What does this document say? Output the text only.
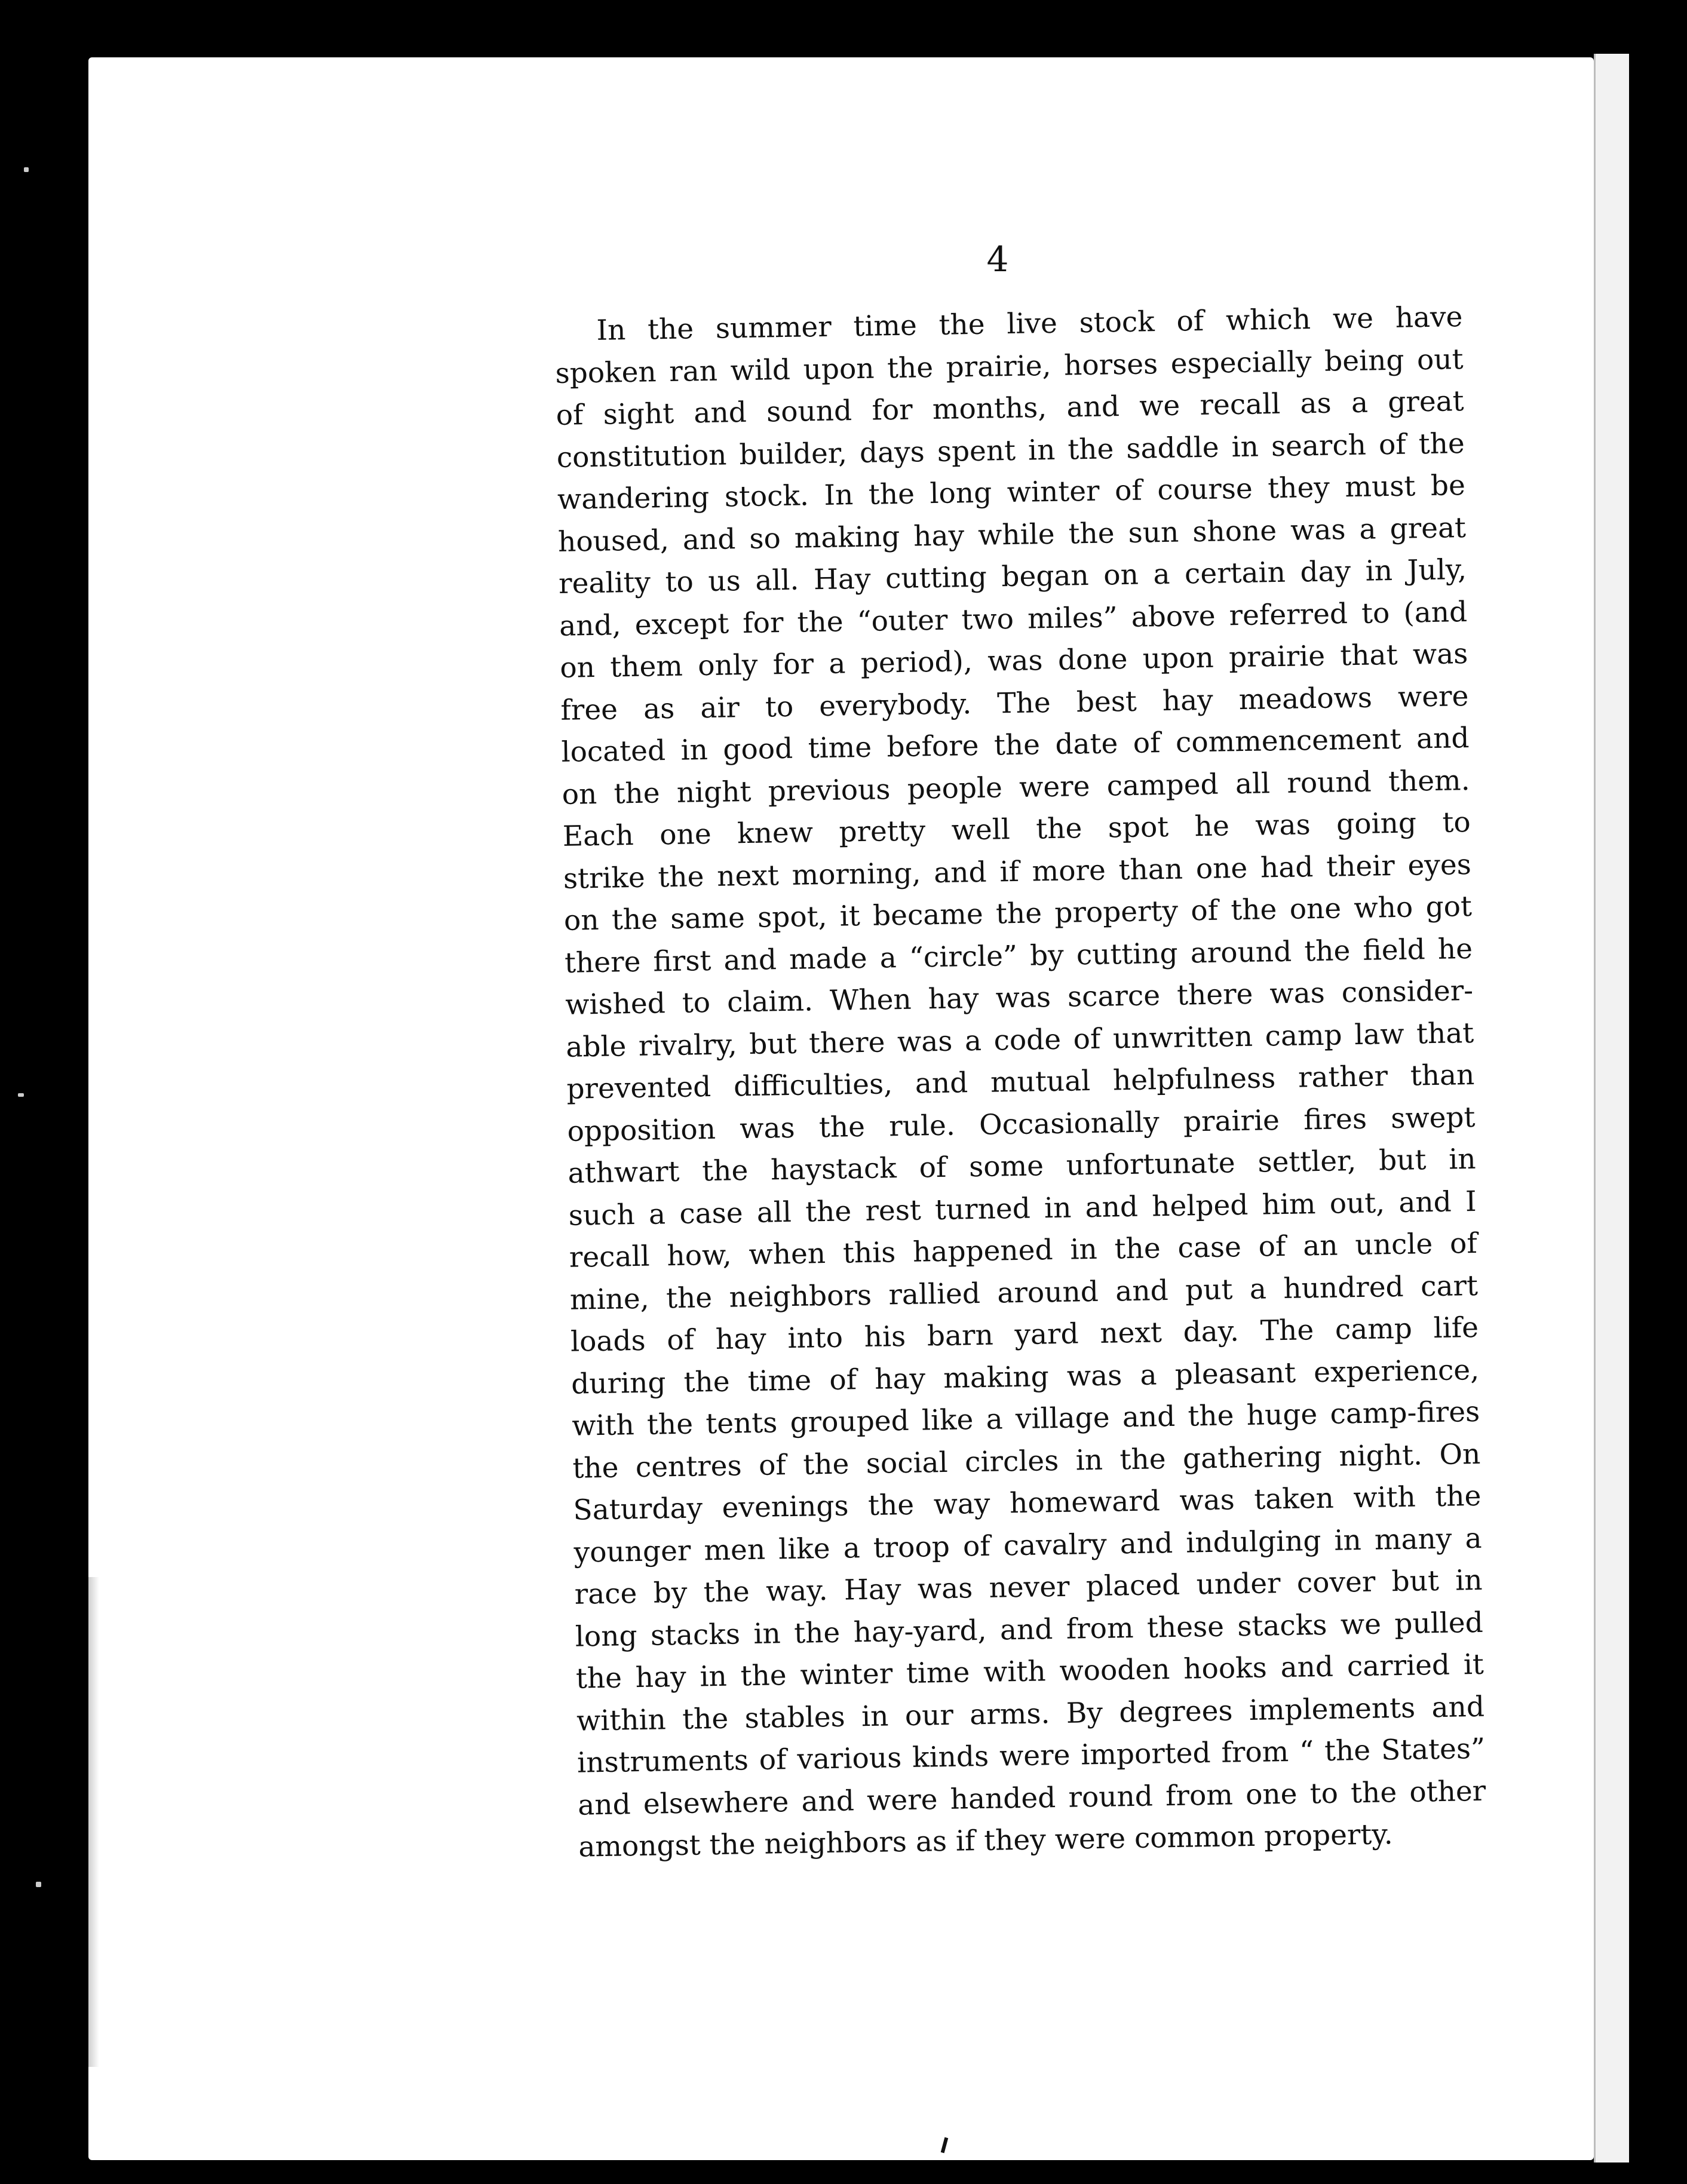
4
In the summer time the live stock of which we have
spoken ran wild upon the prairie, horses especially being out
of sight and sound for months, and we recall as a great
constitution builder, days spent in the saddle in search of the
wandering stock. In the long winter of course they must be
housed, and so making hay while the sun shone was a great
reality to us all. Hay cutting began on a certain day in July,
and, except for the “outer two miles” above referred to (and
on them only for a period), was done upon prairie that was
free as air to everybody. The best hay meadows were
located in good time before the date of commencement and
on the night previous people were camped all round them.
Each one knew pretty well the spot he was going to
strike the next morning, and if more than one had their eyes
on the same spot, it became the property of the one who got
there first and made a “circle” by cutting around the field he
wished to claim. When hay was scarce there was consider-
able rivalry, but there was a code of unwritten camp law that
prevented difficulties, and mutual helpfulness rather than
opposition was the rule. Occasionally prairie fires swept
athwart the haystack of some unfortunate settler, but in
such a case all the rest turned in and helped him out, and I
recall how, when this happened in the case of an uncle of
mine, the neighbors rallied around and put a hundred cart
loads of hay into his barn yard next day. The camp life
during the time of hay making was a pleasant experience,
with the tents grouped like a village and the huge camp-fires
the centres of the social circles in the gathering night. On
Saturday evenings the way homeward was taken with the
younger men like a troop of cavalry and indulging in many a
race by the way. Hay was never placed under cover but in
long stacks in the hay-yard, and from these stacks we pulled
the hay in the winter time with wooden hooks and carried it
within the stables in our arms. By degrees implements and
instruments of various kinds were imported from “ the States”
and elsewhere and were handed round from one to the other
amongst the neighbors as if they were common property.
